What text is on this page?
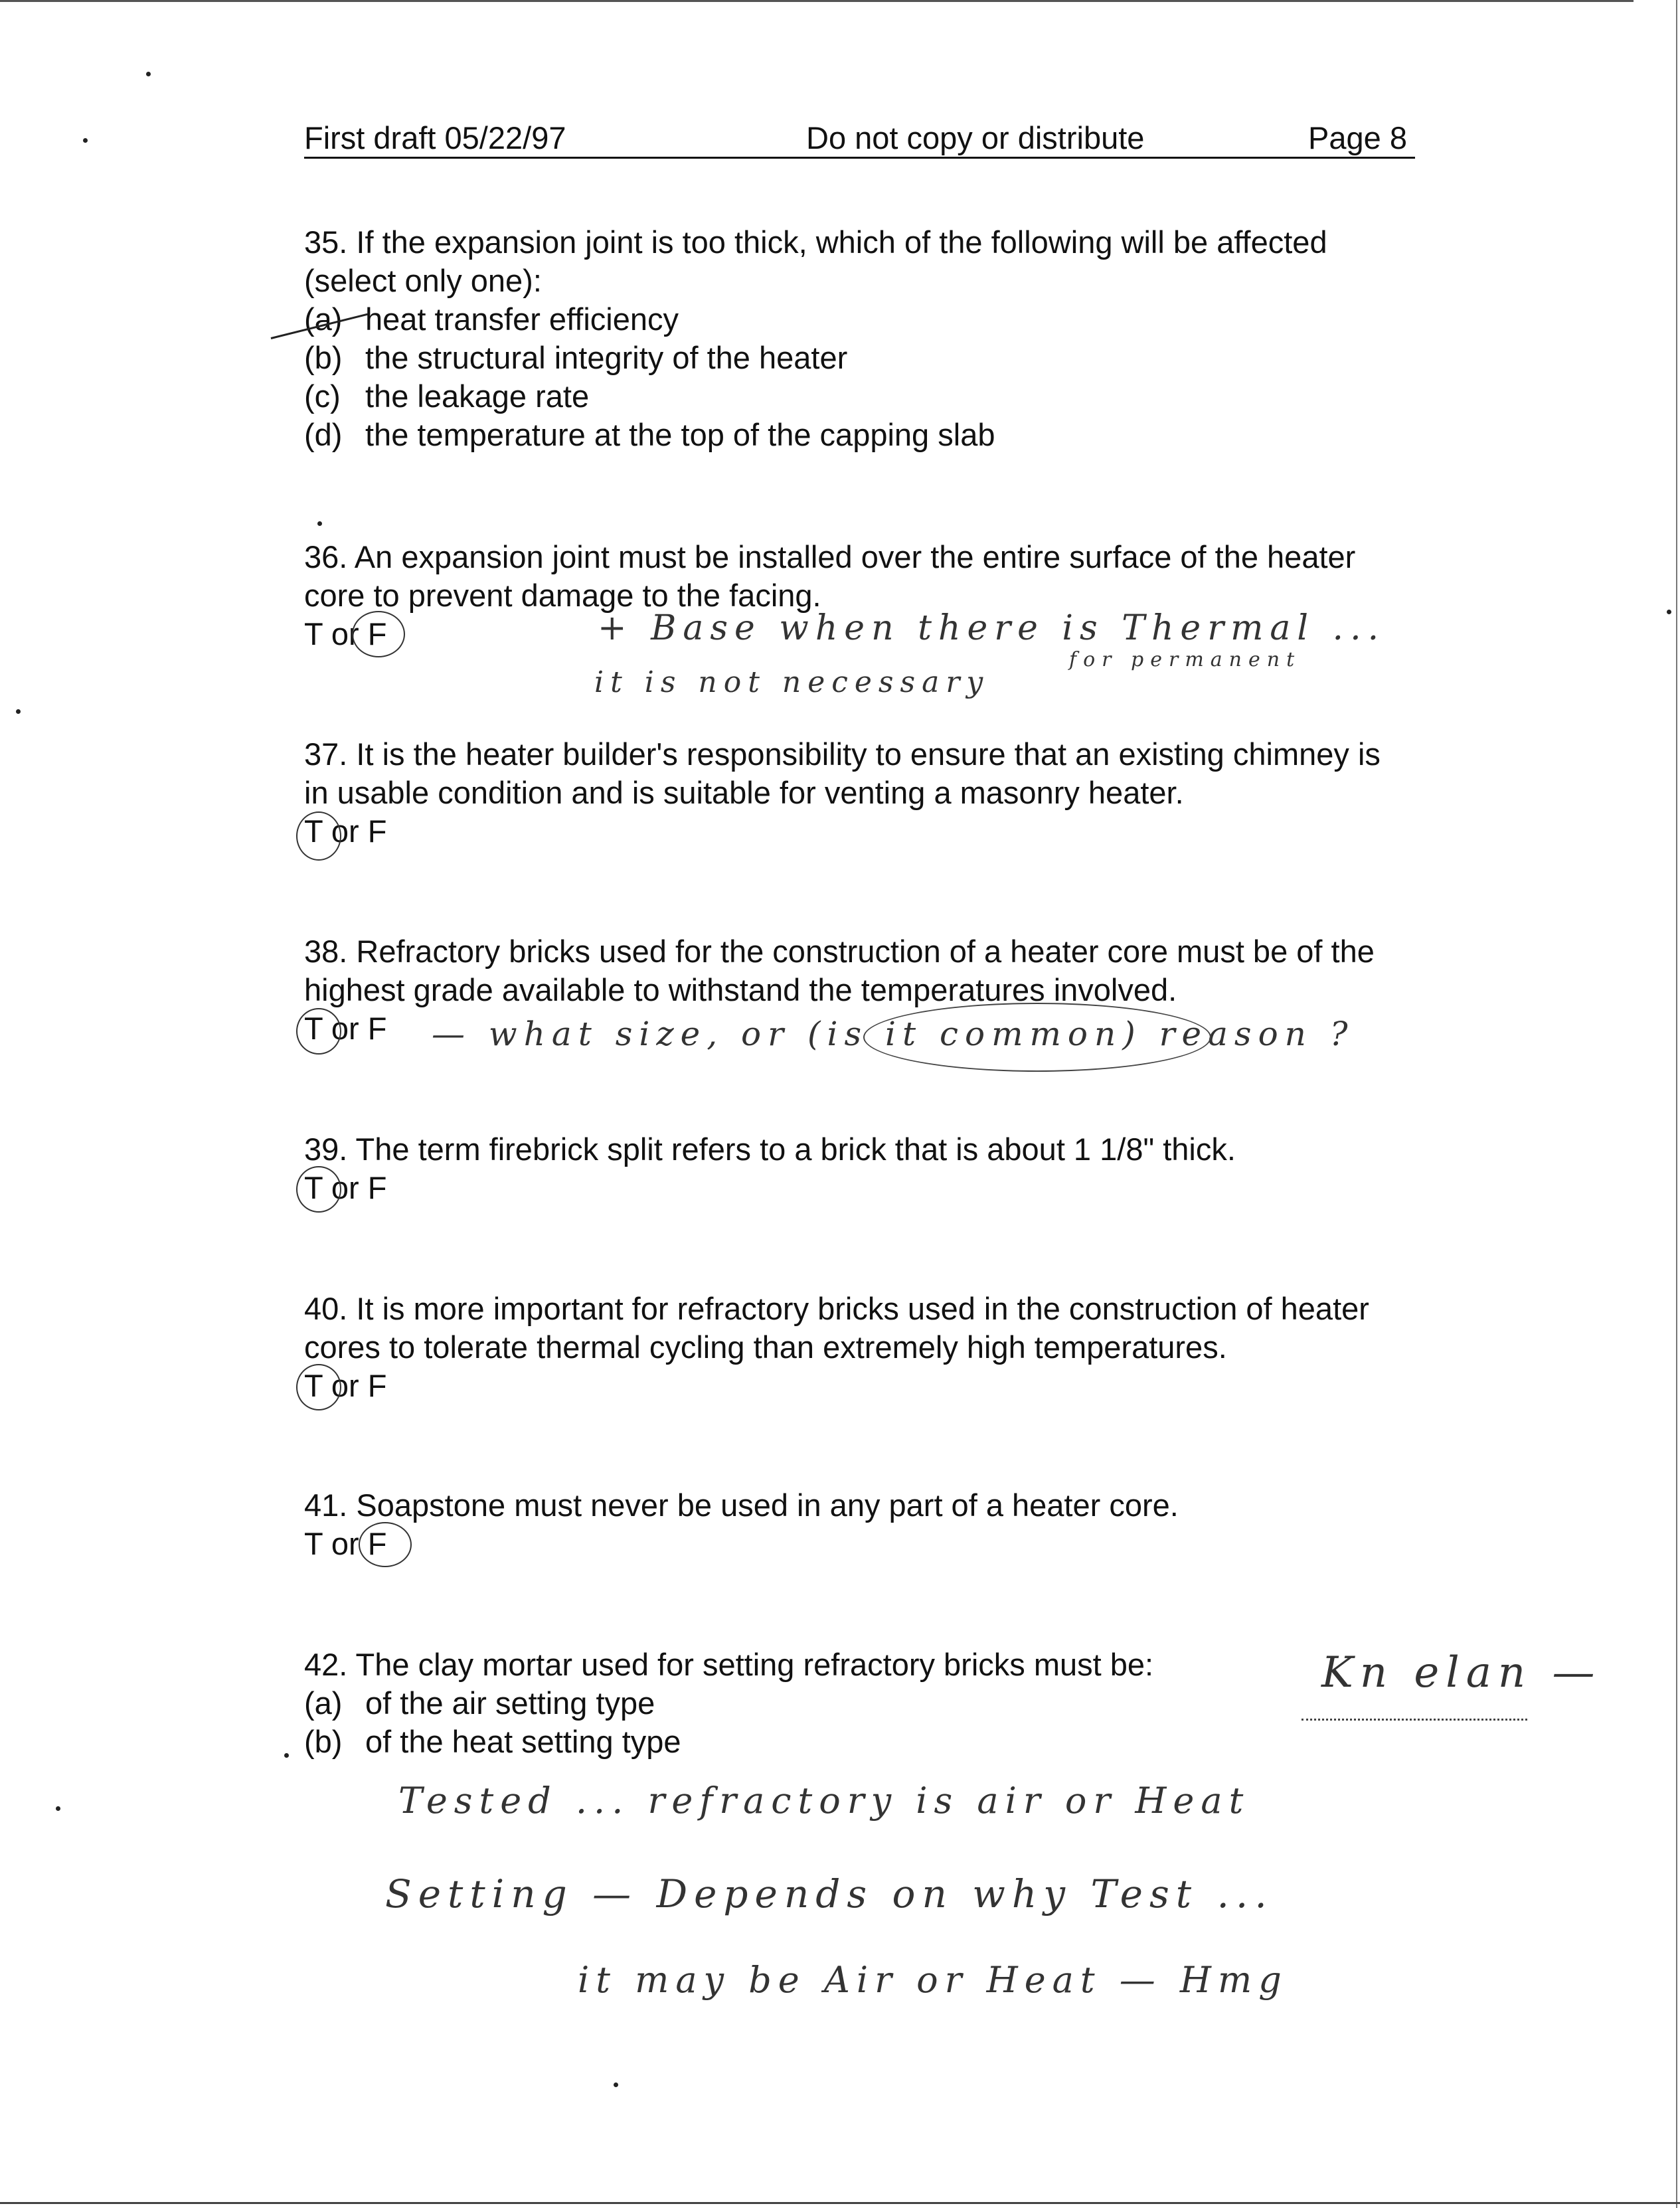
First draft 05/22/97	Do not copy or distribute	Page 8

35. If the expansion joint is too thick, which of the following will be affected

(select only one):

(a) heat transfer efficiency
(b) the structural integrity of the heater
(c) the leakage rate
(d) the temperature at the top of the capping slab

36. An expansion joint must be installed over the entire surface of the heater

core to prevent damage to the facing.

T or F	+ Base when there is Thermal ...
it is not necessary
for permanent

37. It is the heater builder's responsibility to ensure that an existing chimney is

in usable condition and is suitable for venting a masonry heater.

T or F

38. Refractory bricks used for the construction of a heater core must be of the

highest grade available to withstand the temperatures involved.

T or F	— what size, or (is it common) reason ?

39. The term firebrick split refers to a brick that is about 1 1/8" thick.

T or F

40. It is more important for refractory bricks used in the construction of heater

cores to tolerate thermal cycling than extremely high temperatures.

T or F

41. Soapstone must never be used in any part of a heater core.

T or F

42. The clay mortar used for setting refractory bricks must be:

(a) of the air setting type
(b) of the heat setting type
Kn elan —
Tested ... refractory is air or Heat
Setting — Depends on why Test ...
it may be Air or Heat — Hmg
